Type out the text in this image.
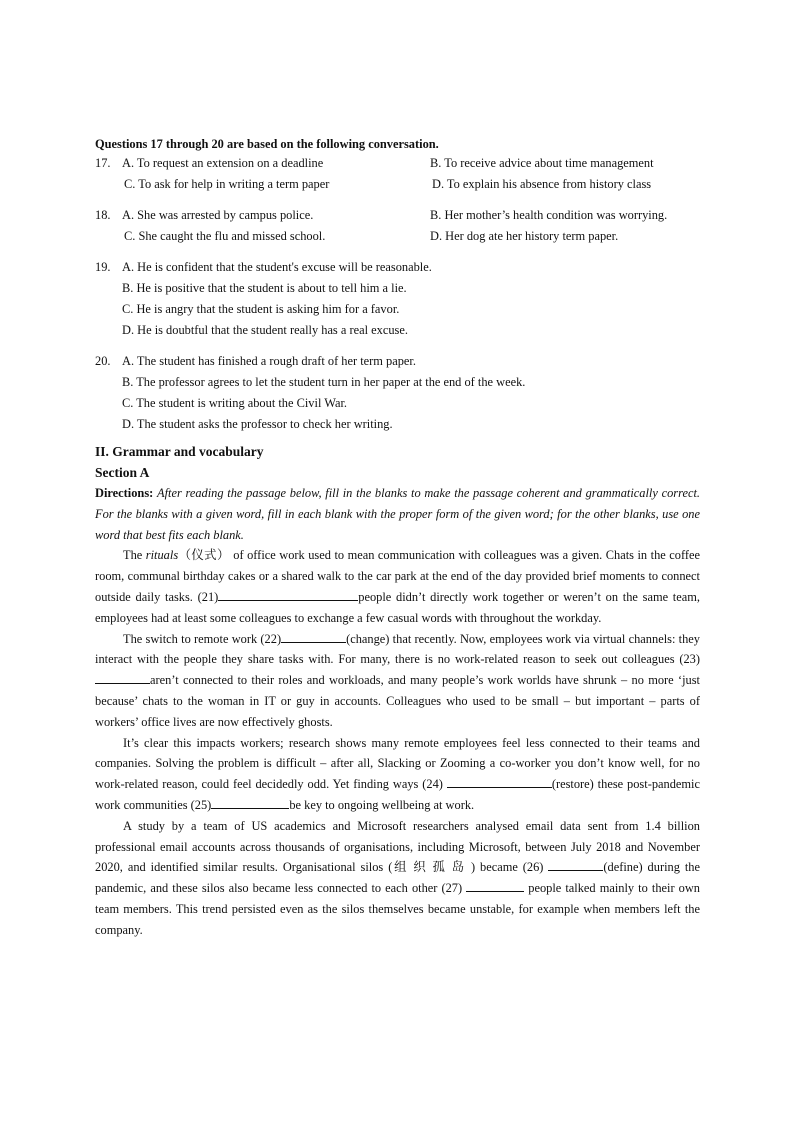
Questions 17 through 20 are based on the following conversation.
17. A. To request an extension on a deadline	B. To receive advice about time management
C. To ask for help in writing a term paper	D. To explain his absence from history class
18. A. She was arrested by campus police.	B. Her mother’s health condition was worrying.
C. She caught the flu and missed school.	D. Her dog ate her history term paper.
19. A. He is confident that the student's excuse will be reasonable.
B. He is positive that the student is about to tell him a lie.
C. He is angry that the student is asking him for a favor.
D. He is doubtful that the student really has a real excuse.
20. A. The student has finished a rough draft of her term paper.
B. The professor agrees to let the student turn in her paper at the end of the week.
C. The student is writing about the Civil War.
D. The student asks the professor to check her writing.
II. Grammar and vocabulary
Section A

Directions: After reading the passage below, fill in the blanks to make the passage coherent and grammatically correct. For the blanks with a given word, fill in each blank with the proper form of the given word; for the other blanks, use one word that best fits each blank.

The rituals（仪式） of office work used to mean communication with colleagues was a given. Chats in the coffee room, communal birthday cakes or a shared walk to the car park at the end of the day provided brief moments to connect outside daily tasks. (21)	people didn’t directly work together or weren’t on the same team, employees had at least some colleagues to exchange a few casual words with throughout the workday.

The switch to remote work (22)	(change) that recently. Now, employees work via virtual channels: they interact with the people they share tasks with. For many, there is no work-related reason to seek out colleagues (23)aren’t connected to their roles and workloads, and many people’s work worlds have shrunk – no more ‘just because’ chats to the woman in IT or guy in accounts. Colleagues who used to be small – but important – parts of workers’ office lives are now effectively ghosts.

It’s clear this impacts workers; research shows many remote employees feel less connected to their teams and companies. Solving the problem is difficult – after all, Slacking or Zooming a co-worker you don’t know well, for no work-related reason, could feel decidedly odd. Yet finding ways (24)	(restore) these post-pandemic work communities (25)	be key to ongoing wellbeing at work.

A study by a team of US academics and Microsoft researchers analysed email data sent from 1.4 billion professional email accounts across thousands of organisations, including Microsoft, between July 2018 and November 2020, and identified similar results. Organisational silos (组 织 孤 岛 ) became (26)	(define) during the pandemic, and these silos also became less connected to each other (27)	people talked mainly to their own team members. This trend persisted even as the silos themselves became unstable, for example when members left the company.
